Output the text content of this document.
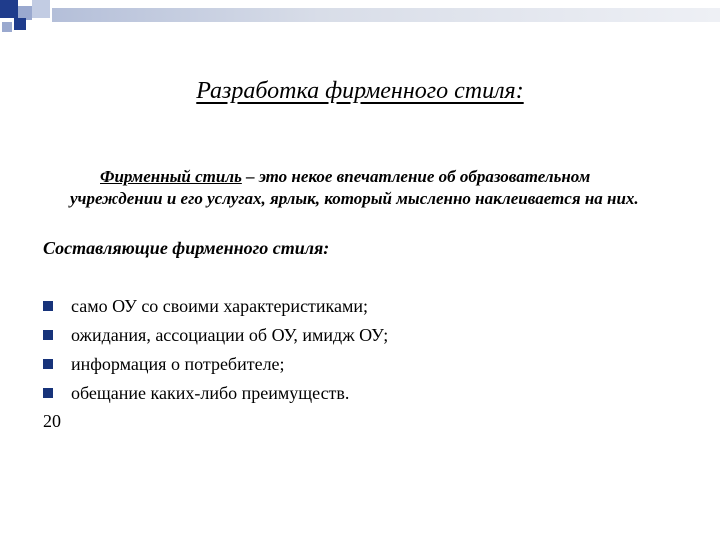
Разработка фирменного стиля:
Фирменный стиль – это некое впечатление об образовательном учреждении и его услугах, ярлык, который мысленно наклеивается на них.
Составляющие фирменного стиля:
само ОУ со своими характеристиками;
ожидания, ассоциации об ОУ, имидж ОУ;
информация о потребителе;
обещание каких-либо преимуществ.
20
